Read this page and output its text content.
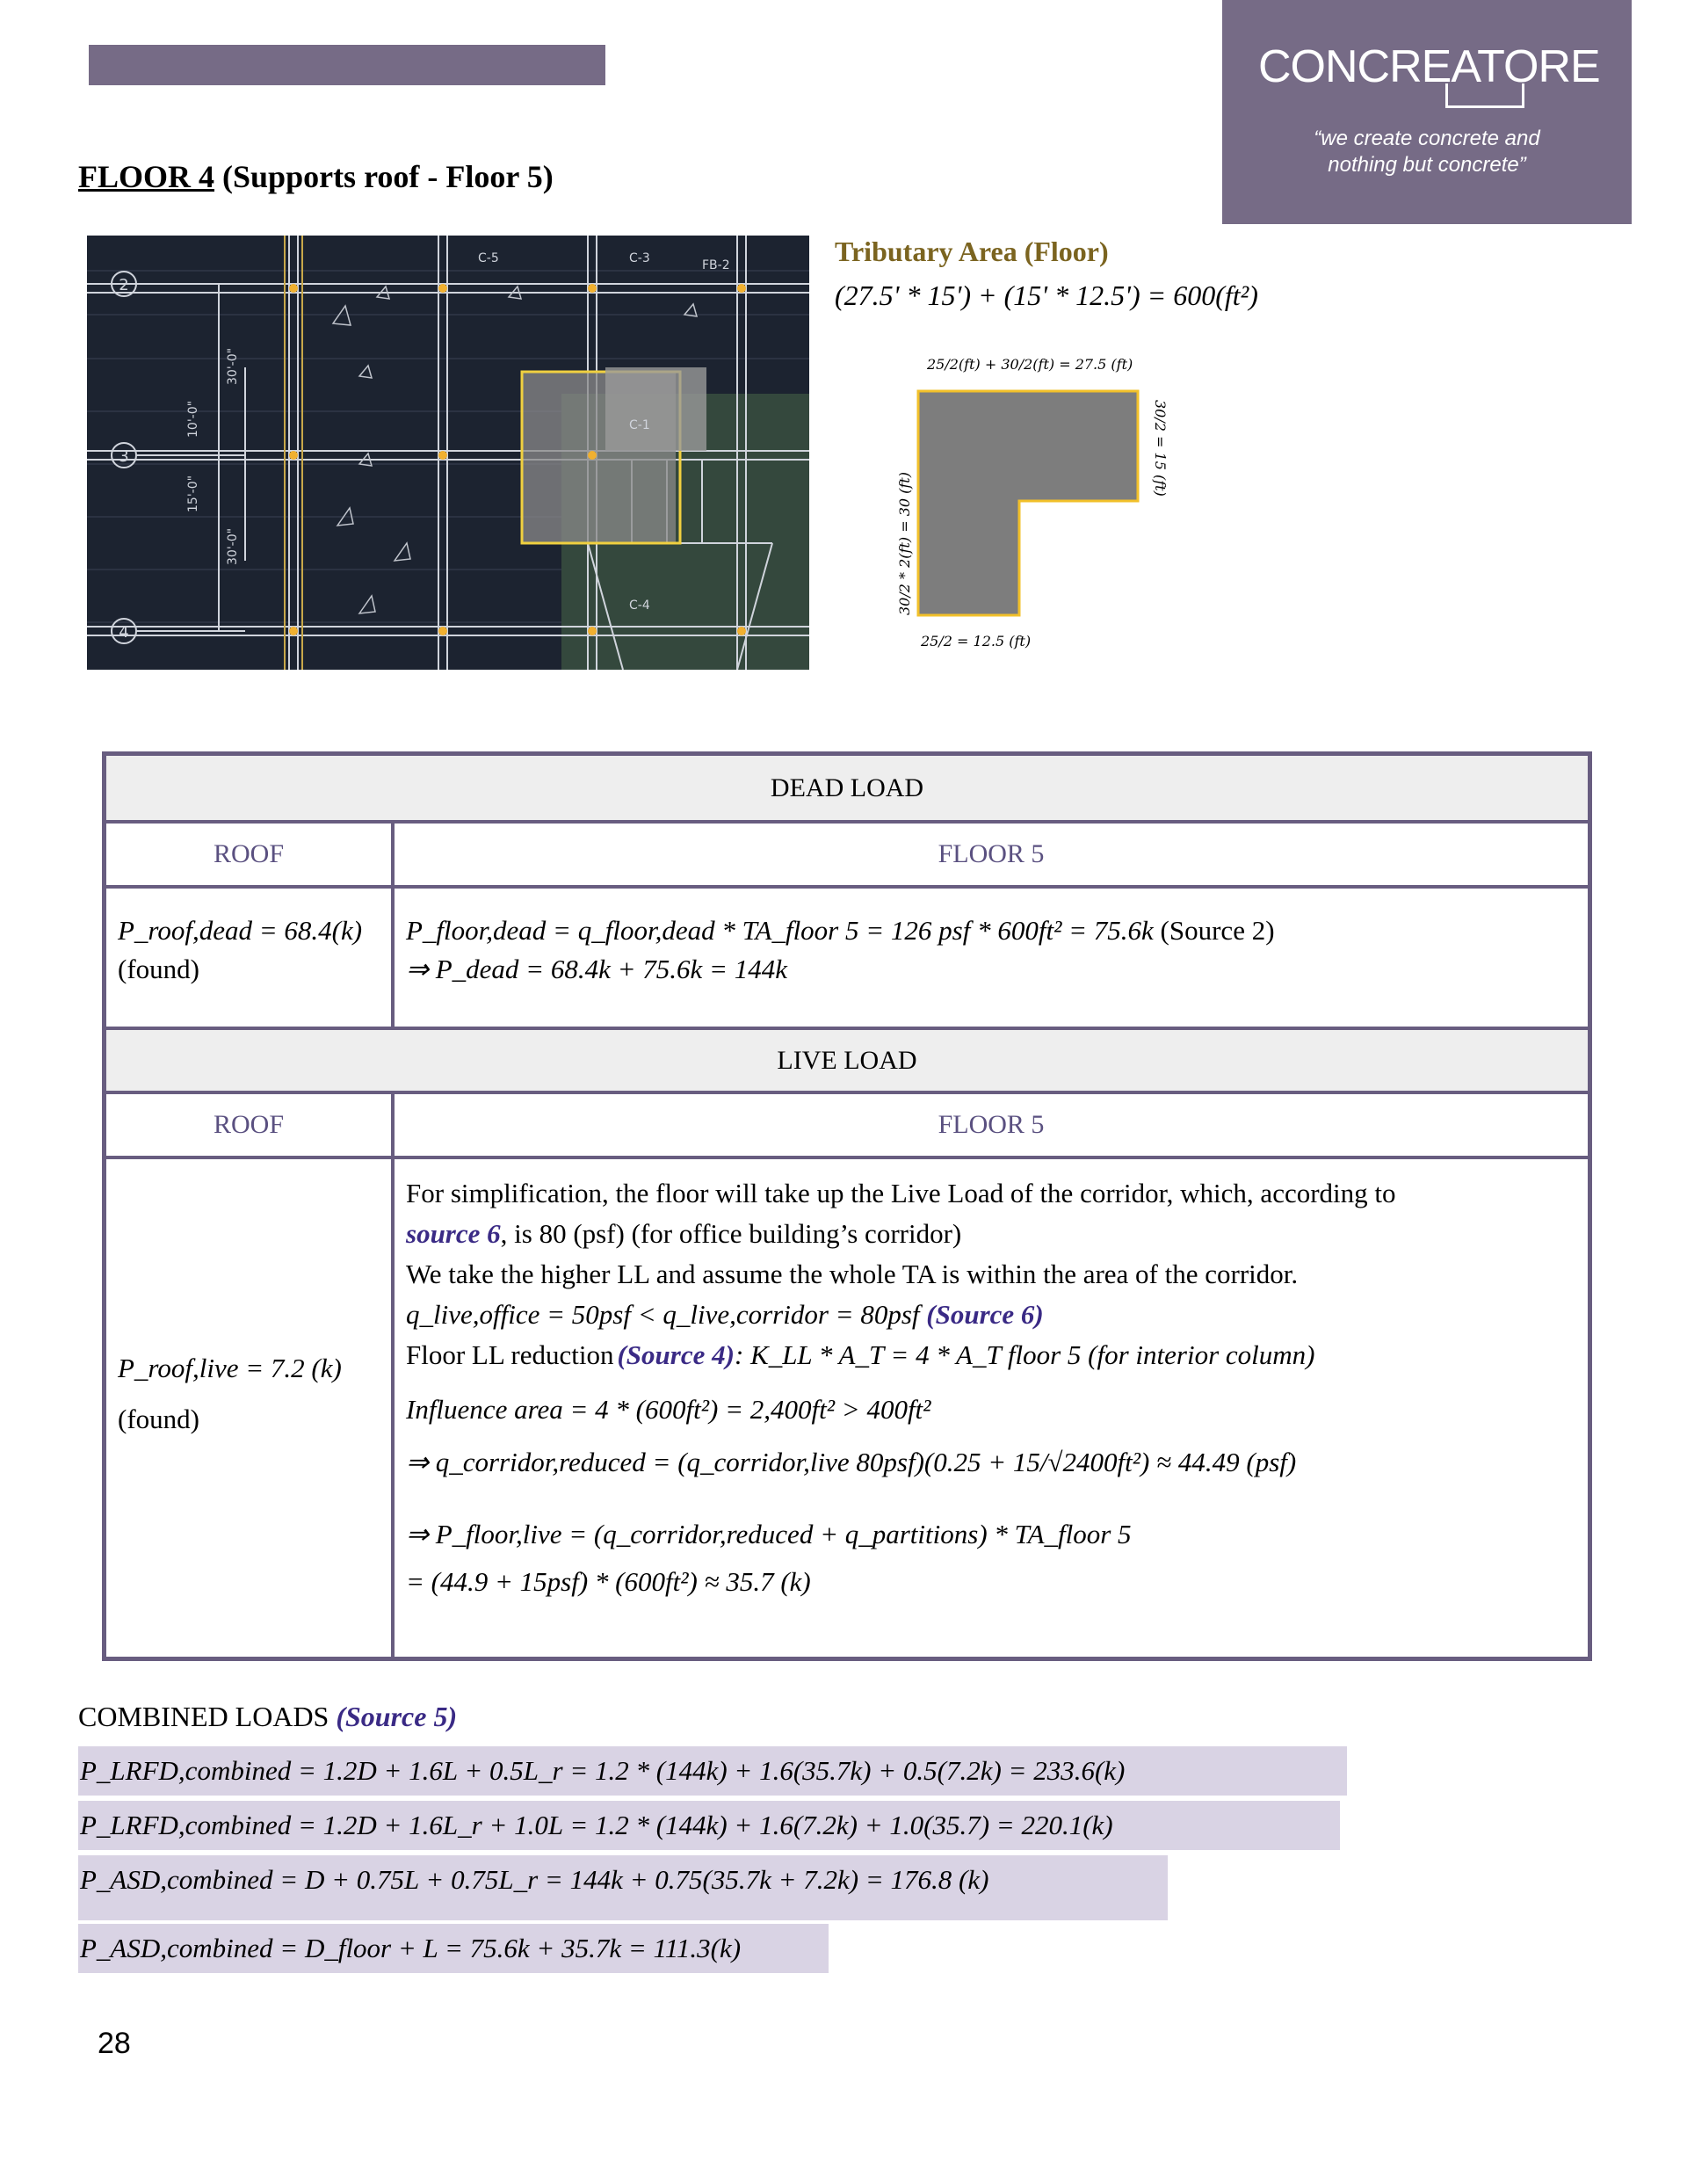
CONCREATORE
“we create concrete and
nothing but concrete”
FLOOR 4 (Supports roof - Floor 5)
2
3
4
30'-0"
10'-0"
15'-0"
30'-0"
C-5	C-3	FB-2
C-1
C-4
Tributary Area (Floor)
(27.5' * 15') + (15' * 12.5') = 600(ft²)
25/2(ft) + 30/2(ft) = 27.5 (ft)
30/2 * 2(ft) = 30 (ft)
30/2 = 15 (ft)
25/2 = 12.5 (ft)
DEAD LOAD
ROOF	FLOOR 5
P_roof,dead = 68.4(k)
(found)
P_floor,dead = q_floor,dead * TA_floor 5 = 126 psf * 600ft² = 75.6k (Source 2)
⇒ P_dead = 68.4k + 75.6k = 144k
LIVE LOAD
ROOF	FLOOR 5
P_roof,live = 7.2 (k)
(found)
For simplification, the floor will take up the Live Load of the corridor, which, according to
source 6, is 80 (psf) (for office building’s corridor)
We take the higher LL and assume the whole TA is within the area of the corridor.
q_live,office = 50psf < q_live,corridor = 80psf (Source 6)
Floor LL reduction (Source 4): K_LL * A_T = 4 * A_T floor 5 (for interior column)
Influence area = 4 * (600ft²) = 2,400ft² > 400ft²
⇒ q_corridor,reduced = (q_corridor,live 80psf)(0.25 + 15/√2400ft²) ≈ 44.49 (psf)
⇒ P_floor,live = (q_corridor,reduced + q_partitions) * TA_floor 5
= (44.9 + 15psf) * (600ft²) ≈ 35.7 (k)
COMBINED LOADS (Source 5)
P_LRFD,combined = 1.2D + 1.6L + 0.5L_r = 1.2 * (144k) + 1.6(35.7k) + 0.5(7.2k) = 233.6(k)
P_LRFD,combined = 1.2D + 1.6L_r + 1.0L = 1.2 * (144k) + 1.6(7.2k) + 1.0(35.7) = 220.1(k)
P_ASD,combined = D + 0.75L + 0.75L_r = 144k + 0.75(35.7k + 7.2k) = 176.8 (k)
P_ASD,combined = D_floor + L = 75.6k + 35.7k = 111.3(k)
28
